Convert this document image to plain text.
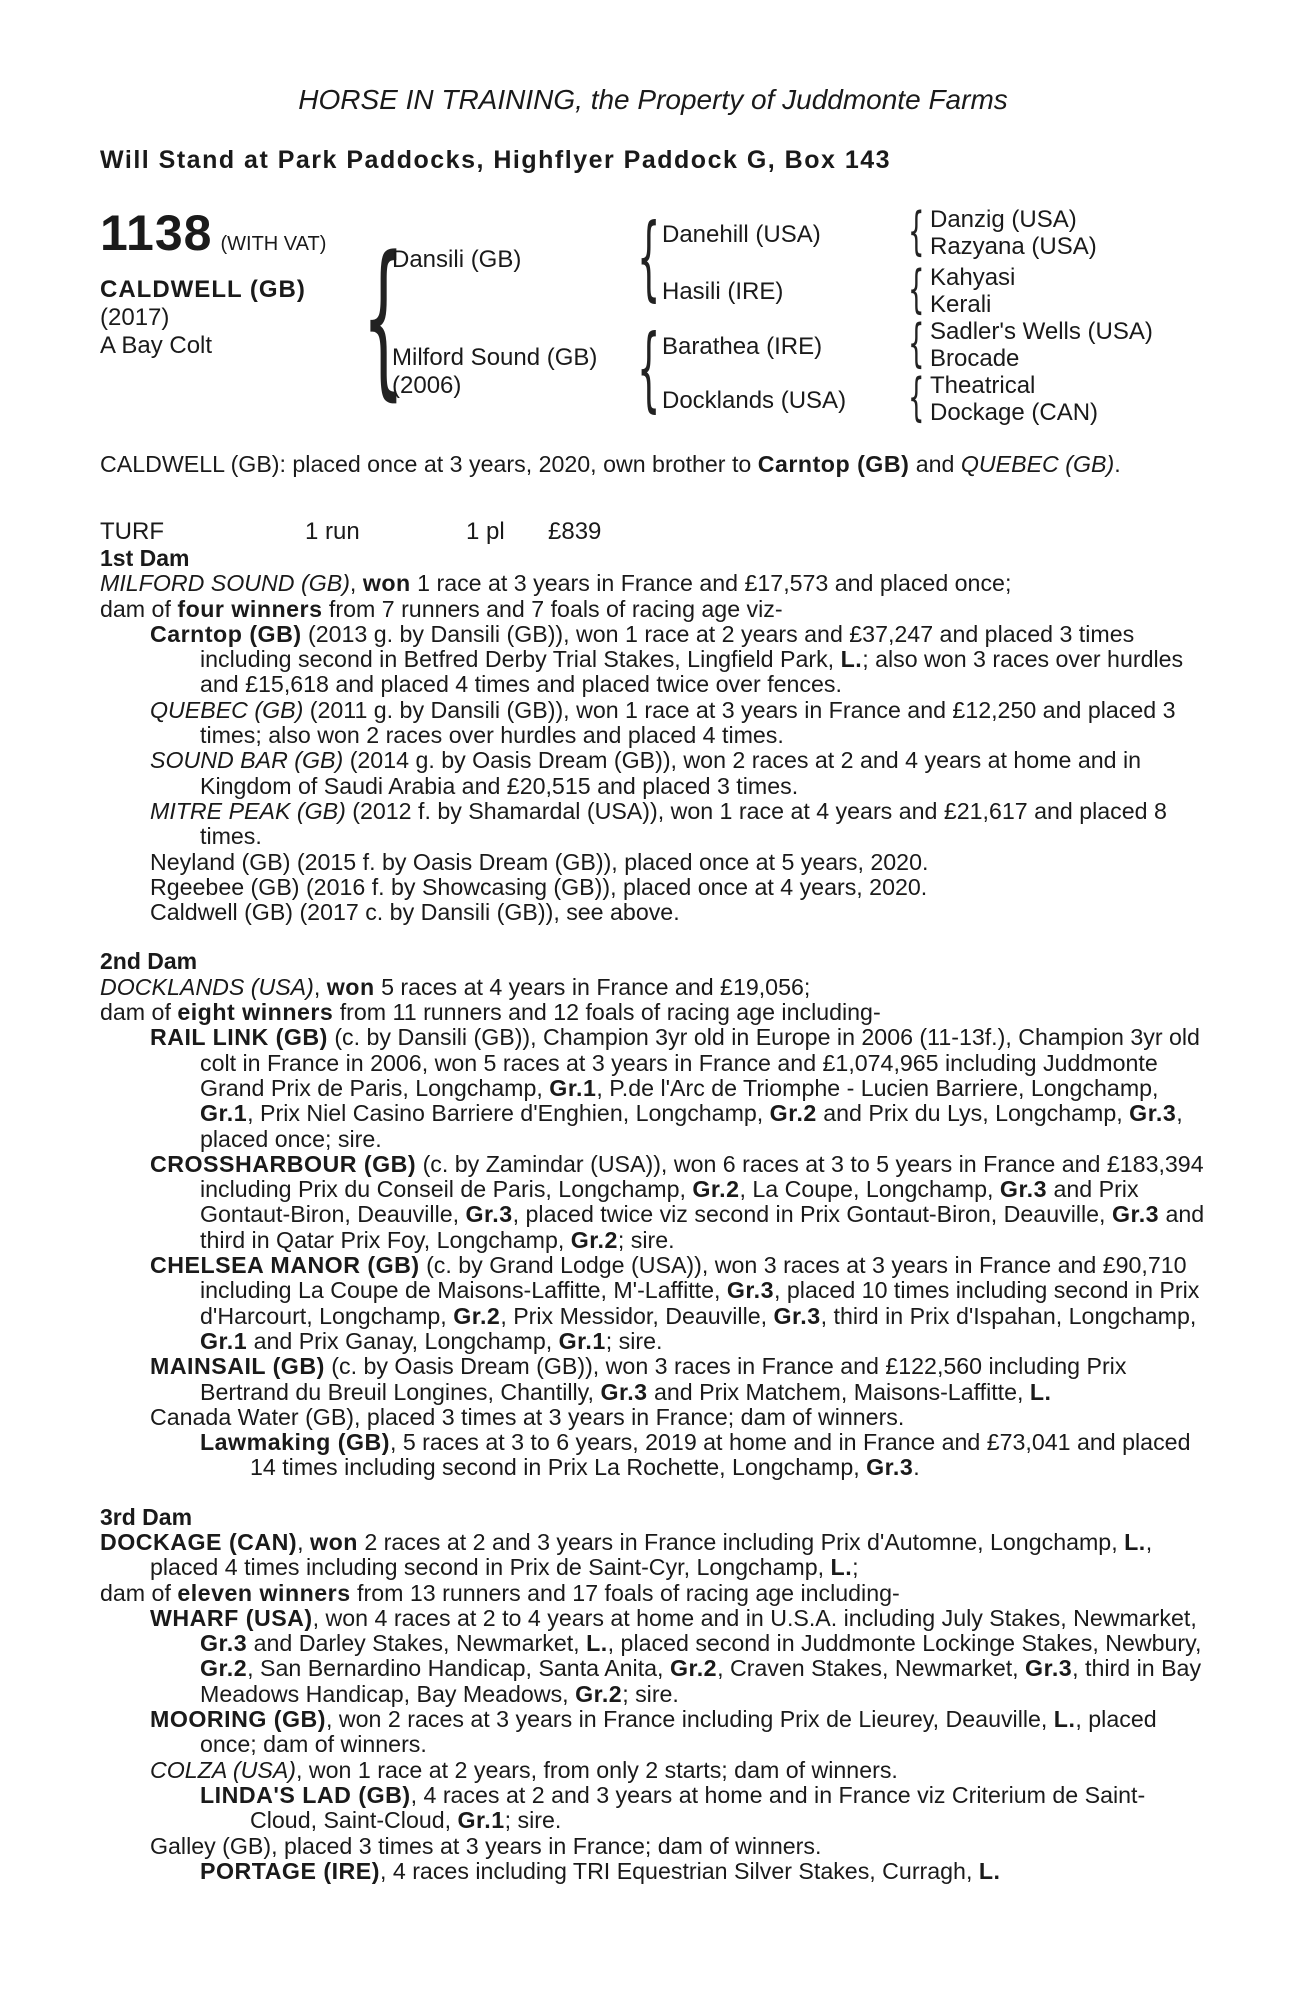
HORSE IN TRAINING, the Property of Juddmonte Farms
Will Stand at Park Paddocks, Highflyer Paddock G, Box 143
1138 (WITH VAT)
CALDWELL (GB)
(2017)
A Bay Colt {
Dansili (GB)
Milford Sound (GB)
(2006)
{ Danehill (USA)
Hasili (IRE)
{ Barathea (IRE)
Docklands (USA)
{ Danzig (USA)
Razyana (USA)
{ Kahyasi
Kerali
{ Sadler's Wells (USA)
Brocade
{ Theatrical
Dockage (CAN)

CALDWELL (GB): placed once at 3 years, 2020, own brother to Carntop (GB) and QUEBEC (GB).

TURF	1 run	1 pl £839
1st Dam

MILFORD SOUND (GB), won 1 race at 3 years in France and £17,573 and placed once;

dam of four winners from 7 runners and 7 foals of racing age viz-

Carntop (GB) (2013 g. by Dansili (GB)), won 1 race at 2 years and £37,247 and placed 3 times including second in Betfred Derby Trial Stakes, Lingfield Park, L.; also won 3 races over hurdles and £15,618 and placed 4 times and placed twice over fences.

QUEBEC (GB) (2011 g. by Dansili (GB)), won 1 race at 3 years in France and £12,250 and placed 3 times; also won 2 races over hurdles and placed 4 times.

SOUND BAR (GB) (2014 g. by Oasis Dream (GB)), won 2 races at 2 and 4 years at home and in Kingdom of Saudi Arabia and £20,515 and placed 3 times.

MITRE PEAK (GB) (2012 f. by Shamardal (USA)), won 1 race at 4 years and £21,617 and placed 8 times.

Neyland (GB) (2015 f. by Oasis Dream (GB)), placed once at 5 years, 2020.

Rgeebee (GB) (2016 f. by Showcasing (GB)), placed once at 4 years, 2020.

Caldwell (GB) (2017 c. by Dansili (GB)), see above.

2nd Dam

DOCKLANDS (USA), won 5 races at 4 years in France and £19,056;

dam of eight winners from 11 runners and 12 foals of racing age including-

RAIL LINK (GB) (c. by Dansili (GB)), Champion 3yr old in Europe in 2006 (11-13f.), Champion 3yr old colt in France in 2006, won 5 races at 3 years in France and £1,074,965 including Juddmonte Grand Prix de Paris, Longchamp, Gr.1, P.de l'Arc de Triomphe - Lucien Barriere, Longchamp, Gr.1, Prix Niel Casino Barriere d'Enghien, Longchamp, Gr.2 and Prix du Lys, Longchamp, Gr.3, placed once; sire.

CROSSHARBOUR (GB) (c. by Zamindar (USA)), won 6 races at 3 to 5 years in France and £183,394 including Prix du Conseil de Paris, Longchamp, Gr.2, La Coupe, Longchamp, Gr.3 and Prix Gontaut-Biron, Deauville, Gr.3, placed twice viz second in Prix Gontaut-Biron, Deauville, Gr.3 and third in Qatar Prix Foy, Longchamp, Gr.2; sire.

CHELSEA MANOR (GB) (c. by Grand Lodge (USA)), won 3 races at 3 years in France and £90,710 including La Coupe de Maisons-Laffitte, M'-Laffitte, Gr.3, placed 10 times including second in Prix d'Harcourt, Longchamp, Gr.2, Prix Messidor, Deauville, Gr.3, third in Prix d'Ispahan, Longchamp, Gr.1 and Prix Ganay, Longchamp, Gr.1; sire.

MAINSAIL (GB) (c. by Oasis Dream (GB)), won 3 races in France and £122,560 including Prix Bertrand du Breuil Longines, Chantilly, Gr.3 and Prix Matchem, Maisons-Laffitte, L.

Canada Water (GB), placed 3 times at 3 years in France; dam of winners.

Lawmaking (GB), 5 races at 3 to 6 years, 2019 at home and in France and £73,041 and placed 14 times including second in Prix La Rochette, Longchamp, Gr.3.

3rd Dam

DOCKAGE (CAN), won 2 races at 2 and 3 years in France including Prix d'Automne, Longchamp, L., placed 4 times including second in Prix de Saint-Cyr, Longchamp, L.;

dam of eleven winners from 13 runners and 17 foals of racing age including-

WHARF (USA), won 4 races at 2 to 4 years at home and in U.S.A. including July Stakes, Newmarket, Gr.3 and Darley Stakes, Newmarket, L., placed second in Juddmonte Lockinge Stakes, Newbury, Gr.2, San Bernardino Handicap, Santa Anita, Gr.2, Craven Stakes, Newmarket, Gr.3, third in Bay Meadows Handicap, Bay Meadows, Gr.2; sire.

MOORING (GB), won 2 races at 3 years in France including Prix de Lieurey, Deauville, L., placed once; dam of winners.

COLZA (USA), won 1 race at 2 years, from only 2 starts; dam of winners.

LINDA'S LAD (GB), 4 races at 2 and 3 years at home and in France viz Criterium de Saint-Cloud, Saint-Cloud, Gr.1; sire.

Galley (GB), placed 3 times at 3 years in France; dam of winners.

PORTAGE (IRE), 4 races including TRI Equestrian Silver Stakes, Curragh, L.
